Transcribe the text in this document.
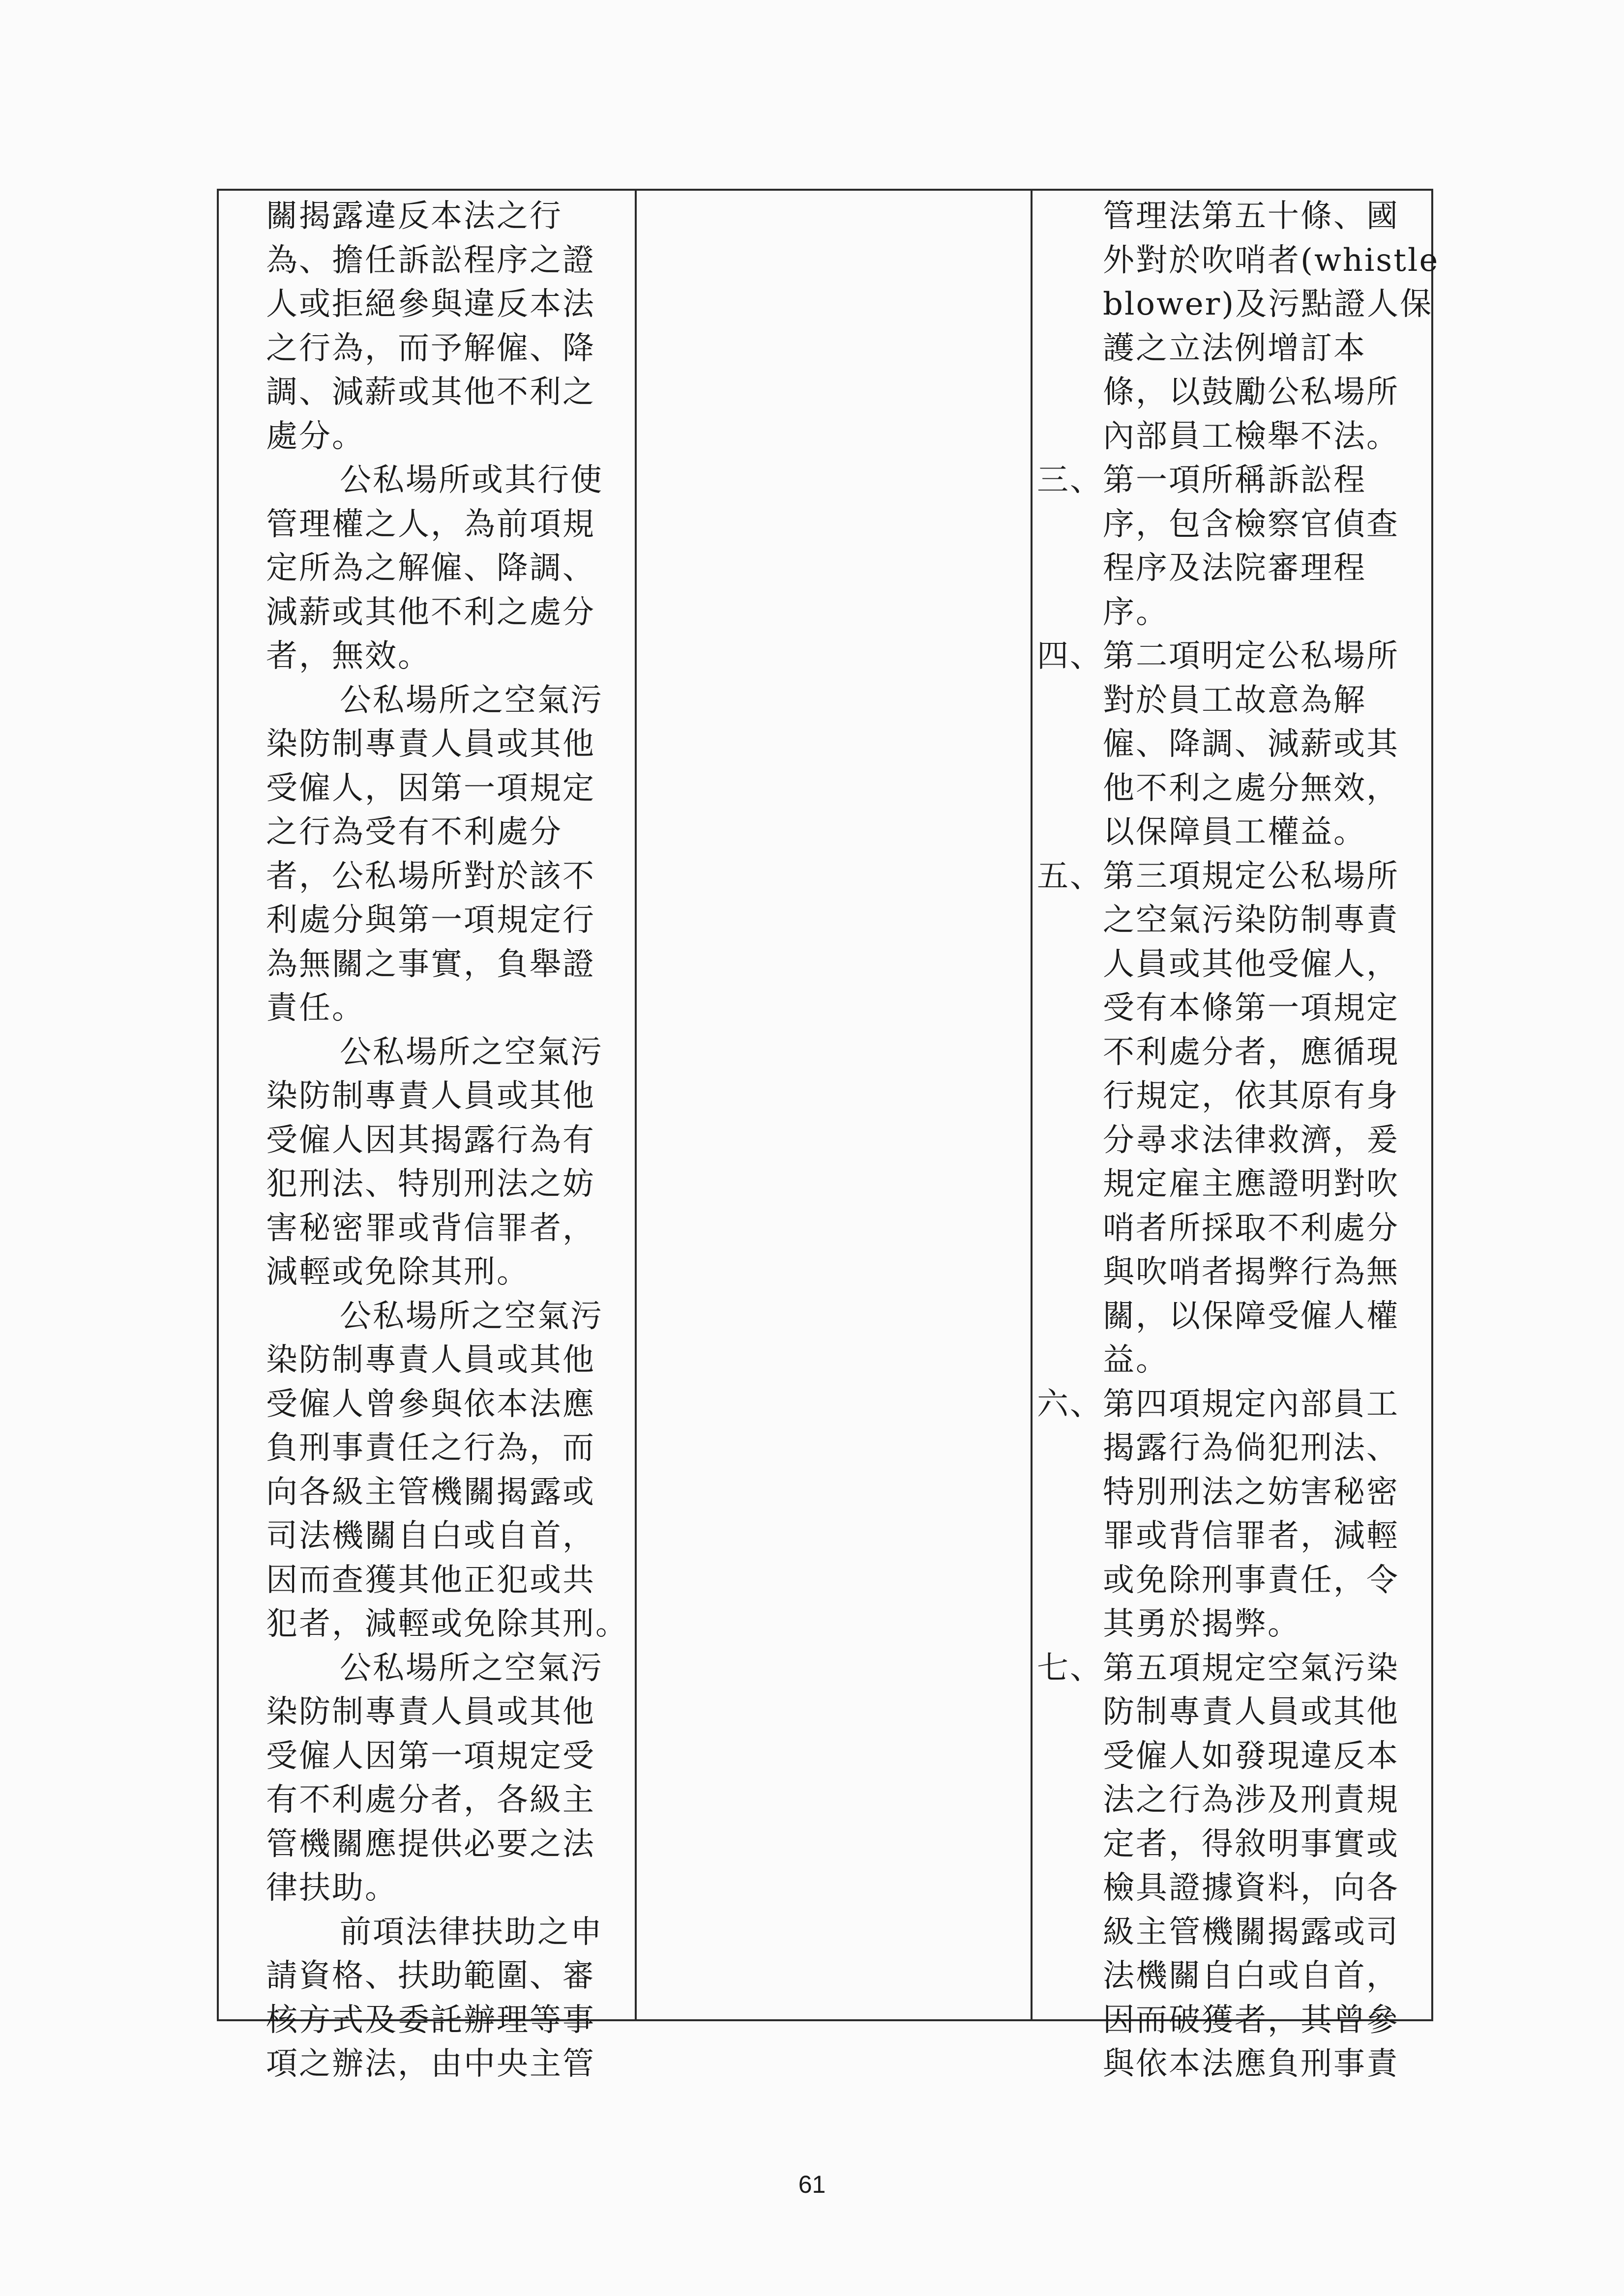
關揭露違反本法之行
為、擔任訴訟程序之證
人或拒絕參與違反本法
之行為，而予解僱、降
調、減薪或其他不利之
處分。
公私場所或其行使
管理權之人，為前項規
定所為之解僱、降調、
減薪或其他不利之處分
者，無效。
公私場所之空氣污
染防制專責人員或其他
受僱人，因第一項規定
之行為受有不利處分
者，公私場所對於該不
利處分與第一項規定行
為無關之事實，負舉證
責任。
公私場所之空氣污
染防制專責人員或其他
受僱人因其揭露行為有
犯刑法、特別刑法之妨
害秘密罪或背信罪者，
減輕或免除其刑。
公私場所之空氣污
染防制專責人員或其他
受僱人曾參與依本法應
負刑事責任之行為，而
向各級主管機關揭露或
司法機關自白或自首，
因而查獲其他正犯或共
犯者，減輕或免除其刑。
公私場所之空氣污
染防制專責人員或其他
受僱人因第一項規定受
有不利處分者，各級主
管機關應提供必要之法
律扶助。
前項法律扶助之申
請資格、扶助範圍、審
核方式及委託辦理等事
項之辦法，由中央主管
管理法第五十條、國
外對於吹哨者(whistle
blower)及污點證人保
護之立法例增訂本
條，以鼓勵公私場所
內部員工檢舉不法。
三、 第一項所稱訴訟程
序，包含檢察官偵查
程序及法院審理程
序。
四、 第二項明定公私場所
對於員工故意為解
僱、降調、減薪或其
他不利之處分無效，
以保障員工權益。
五、 第三項規定公私場所
之空氣污染防制專責
人員或其他受僱人，
受有本條第一項規定
不利處分者，應循現
行規定，依其原有身
分尋求法律救濟，爰
規定雇主應證明對吹
哨者所採取不利處分
與吹哨者揭弊行為無
關，以保障受僱人權
益。
六、 第四項規定內部員工
揭露行為倘犯刑法、
特別刑法之妨害秘密
罪或背信罪者，減輕
或免除刑事責任，令
其勇於揭弊。
七、 第五項規定空氣污染
防制專責人員或其他
受僱人如發現違反本
法之行為涉及刑責規
定者，得敘明事實或
檢具證據資料，向各
級主管機關揭露或司
法機關自白或自首，
因而破獲者，其曾參
與依本法應負刑事責
61
